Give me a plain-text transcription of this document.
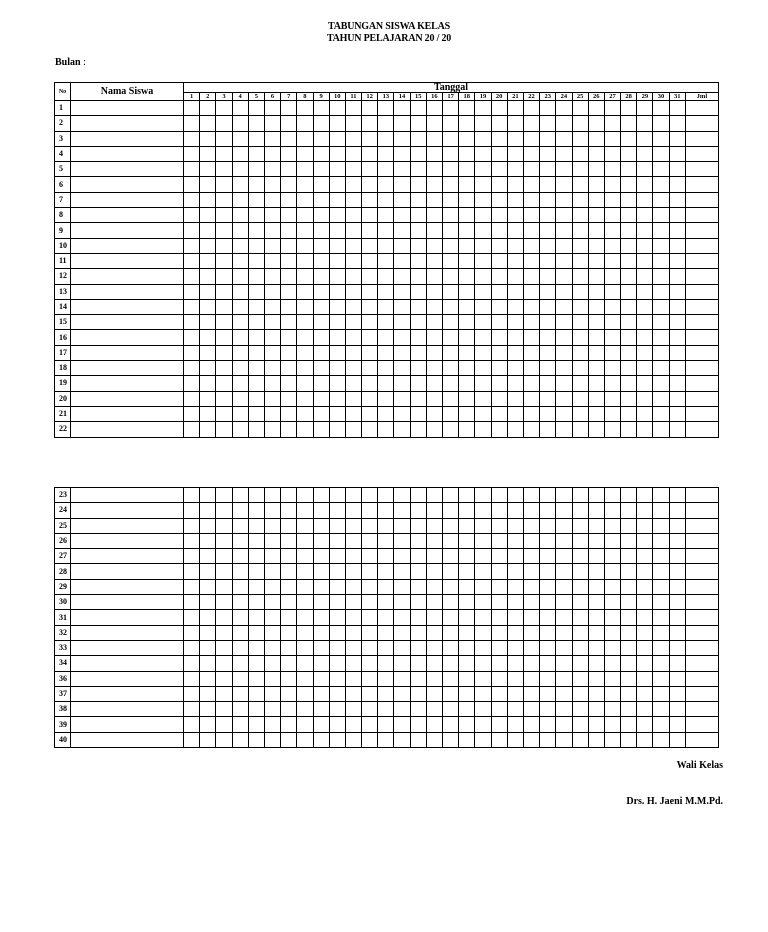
TABUNGAN SISWA KELAS
TAHUN PELAJARAN 20 / 20
Bulan :
No	Nama Siswa	Tanggal																															
		1	2	3	4	5	6	7	8	9	10	11	12	13	14	15	16	17	18	19	20	21	22	23	24	25	26	27	28	29	30	31	Jml
1																																	
2																																	
3																																	
4																																	
5																																	
6																																	
7																																	
8																																	
9																																	
10																																	
11																																	
12																																	
13																																	
14																																	
15																																	
16																																	
17																																	
18																																	
19																																	
20																																	
21																																	
22																																	
23																																	
24																																	
25																																	
26																																	
27																																	
28																																	
29																																	
30																																	
31																																	
32																																	
33																																	
34																																	
36																																	
37																																	
38																																	
39																																	
40																																	
Wali Kelas
Drs. H. Jaeni M.M.Pd.
